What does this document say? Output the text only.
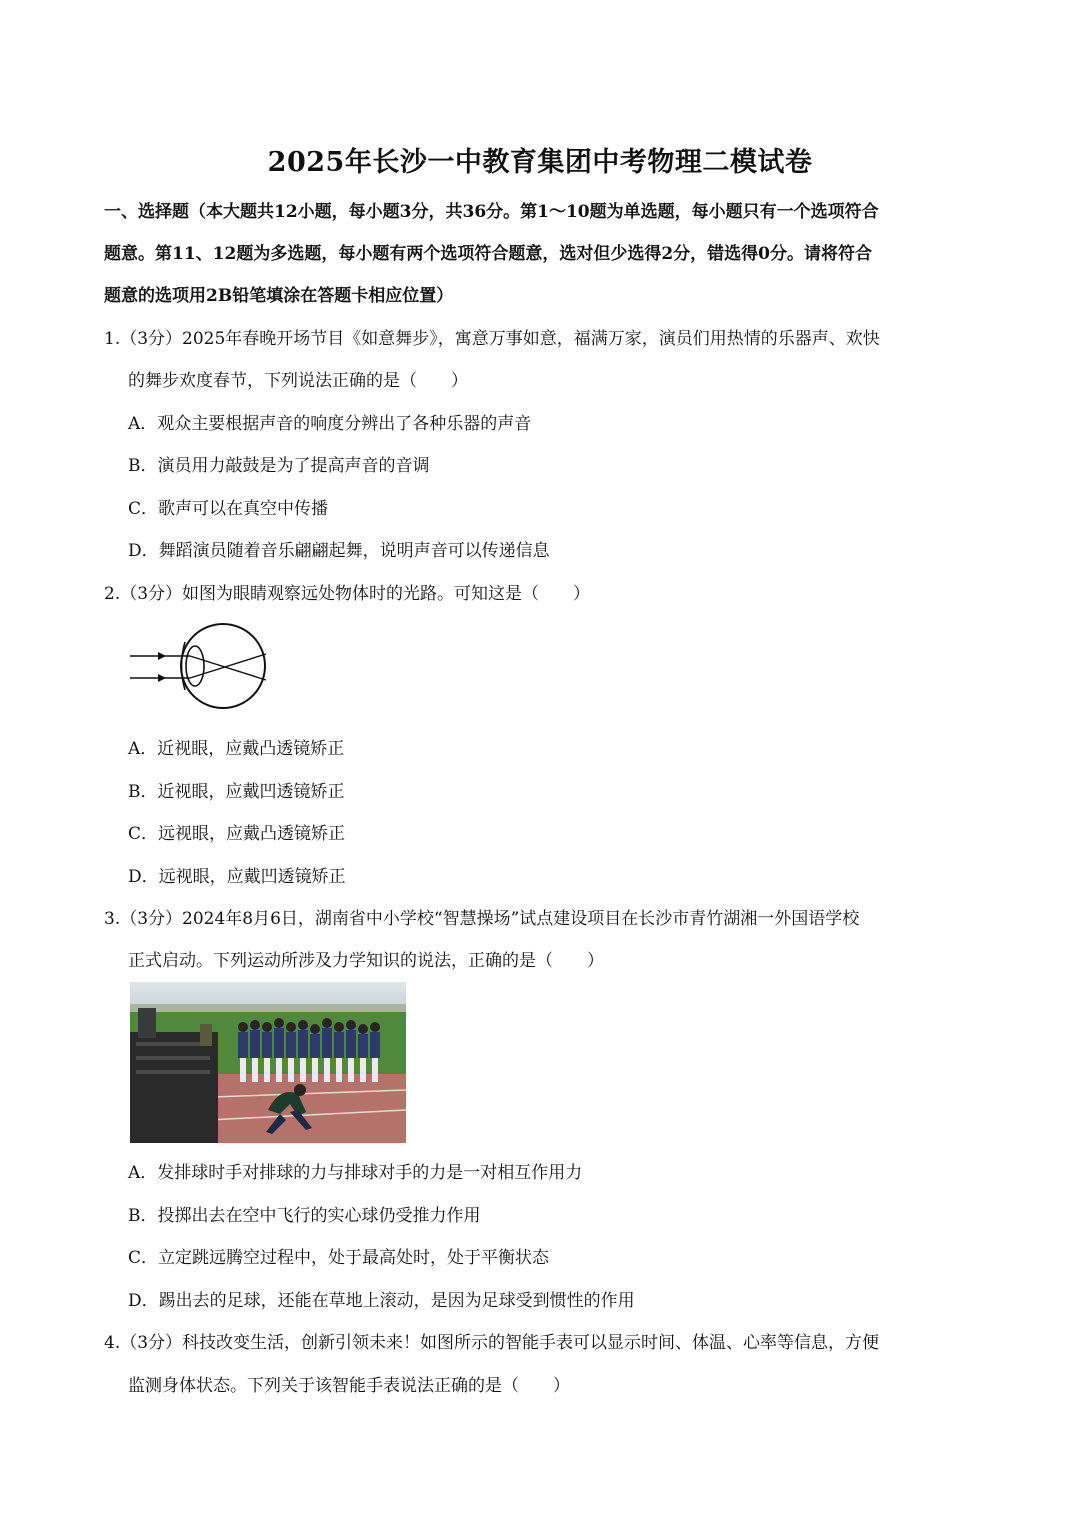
2025年长沙一中教育集团中考物理二模试卷
一、选择题（本大题共12小题，每小题3分，共36分。第1～10题为单选题，每小题只有一个选项符合
题意。第11、12题为多选题，每小题有两个选项符合题意，选对但少选得2分，错选得0分。请将符合
题意的选项用2B铅笔填涂在答题卡相应位置）
1.（3分）2025年春晚开场节目《如意舞步》，寓意万事如意，福满万家，演员们用热情的乐器声、欢快
的舞步欢度春节，下列说法正确的是（　　）
A．观众主要根据声音的响度分辨出了各种乐器的声音
B．演员用力敲鼓是为了提高声音的音调
C．歌声可以在真空中传播
D．舞蹈演员随着音乐翩翩起舞，说明声音可以传递信息
2.（3分）如图为眼睛观察远处物体时的光路。可知这是（　　）
A．近视眼，应戴凸透镜矫正
B．近视眼，应戴凹透镜矫正
C．远视眼，应戴凸透镜矫正
D．远视眼，应戴凹透镜矫正
3.（3分）2024年8月6日，湖南省中小学校“智慧操场”试点建设项目在长沙市青竹湖湘一外国语学校
正式启动。下列运动所涉及力学知识的说法，正确的是（　　）
A．发排球时手对排球的力与排球对手的力是一对相互作用力
B．投掷出去在空中飞行的实心球仍受推力作用
C．立定跳远腾空过程中，处于最高处时，处于平衡状态
D．踢出去的足球，还能在草地上滚动，是因为足球受到惯性的作用
4.（3分）科技改变生活，创新引领未来！如图所示的智能手表可以显示时间、体温、心率等信息，方便
监测身体状态。下列关于该智能手表说法正确的是（　　）
